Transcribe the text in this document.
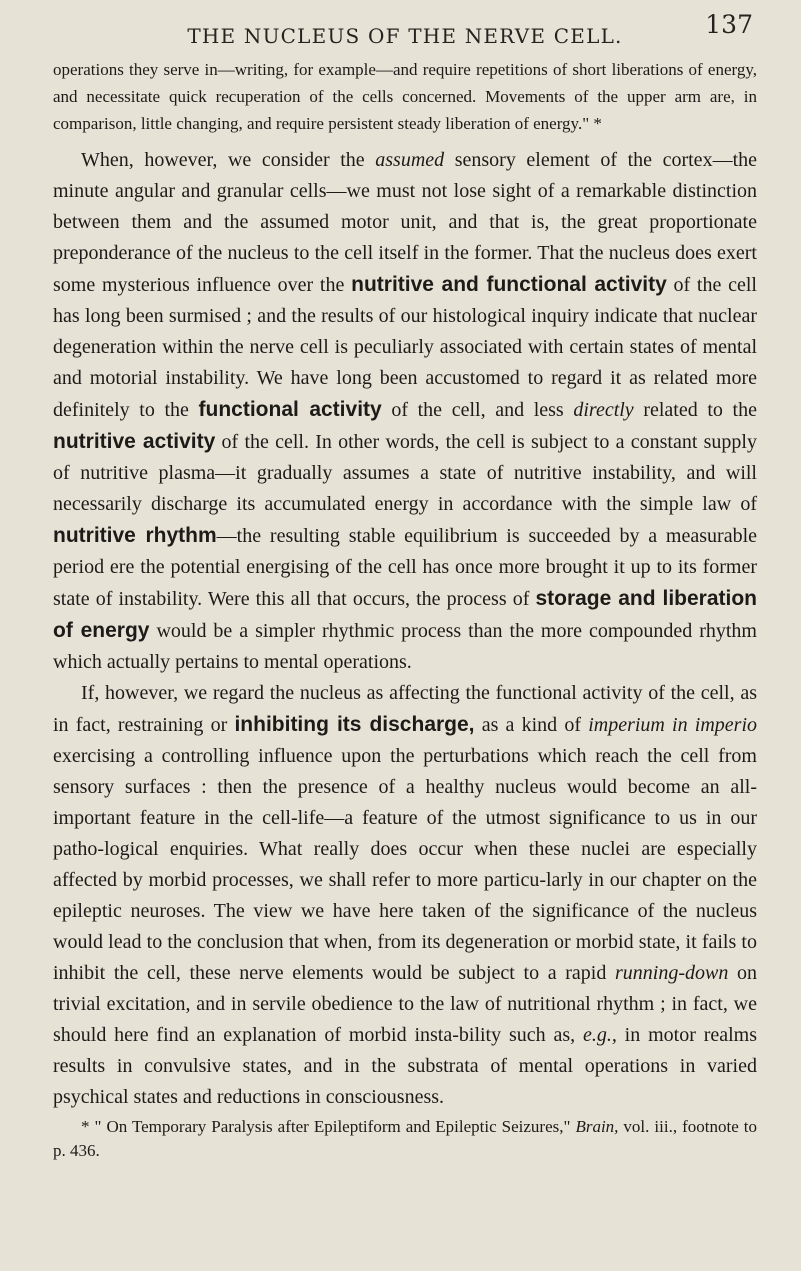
THE NUCLEUS OF THE NERVE CELL.	137

operations they serve in—writing, for example—and require repetitions of short liberations of energy, and necessitate quick recuperation of the cells concerned. Movements of the upper arm are, in comparison, little changing, and require persistent steady liberation of energy." *

When, however, we consider the assumed sensory element of the cortex—the minute angular and granular cells—we must not lose sight of a remarkable distinction between them and the assumed motor unit, and that is, the great proportionate preponderance of the nucleus to the cell itself in the former. That the nucleus does exert some mysterious influence over the nutritive and functional activity of the cell has long been surmised ; and the results of our histological inquiry indicate that nuclear degeneration within the nerve cell is peculiarly associated with certain states of mental and motorial instability. We have long been accustomed to regard it as related more definitely to the functional activity of the cell, and less directly related to the nutritive activity of the cell. In other words, the cell is subject to a constant supply of nutritive plasma—it gradually assumes a state of nutritive instability, and will necessarily discharge its accumulated energy in accordance with the simple law of nutritive rhythm—the resulting stable equilibrium is succeeded by a measurable period ere the potential energising of the cell has once more brought it up to its former state of instability. Were this all that occurs, the process of storage and liberation of energy would be a simpler rhythmic process than the more compounded rhythm which actually pertains to mental operations.

If, however, we regard the nucleus as affecting the functional activity of the cell, as in fact, restraining or inhibiting its discharge, as a kind of imperium in imperio exercising a controlling influence upon the perturbations which reach the cell from sensory surfaces : then the presence of a healthy nucleus would become an all-important feature in the cell-life—a feature of the utmost significance to us in our patho-logical enquiries. What really does occur when these nuclei are especially affected by morbid processes, we shall refer to more particu-larly in our chapter on the epileptic neuroses. The view we have here taken of the significance of the nucleus would lead to the conclusion that when, from its degeneration or morbid state, it fails to inhibit the cell, these nerve elements would be subject to a rapid running-down on trivial excitation, and in servile obedience to the law of nutritional rhythm ; in fact, we should here find an explanation of morbid insta-bility such as, e.g., in motor realms results in convulsive states, and in the substrata of mental operations in varied psychical states and reductions in consciousness.

* " On Temporary Paralysis after Epileptiform and Epileptic Seizures," Brain, vol. iii., footnote to p. 436.
